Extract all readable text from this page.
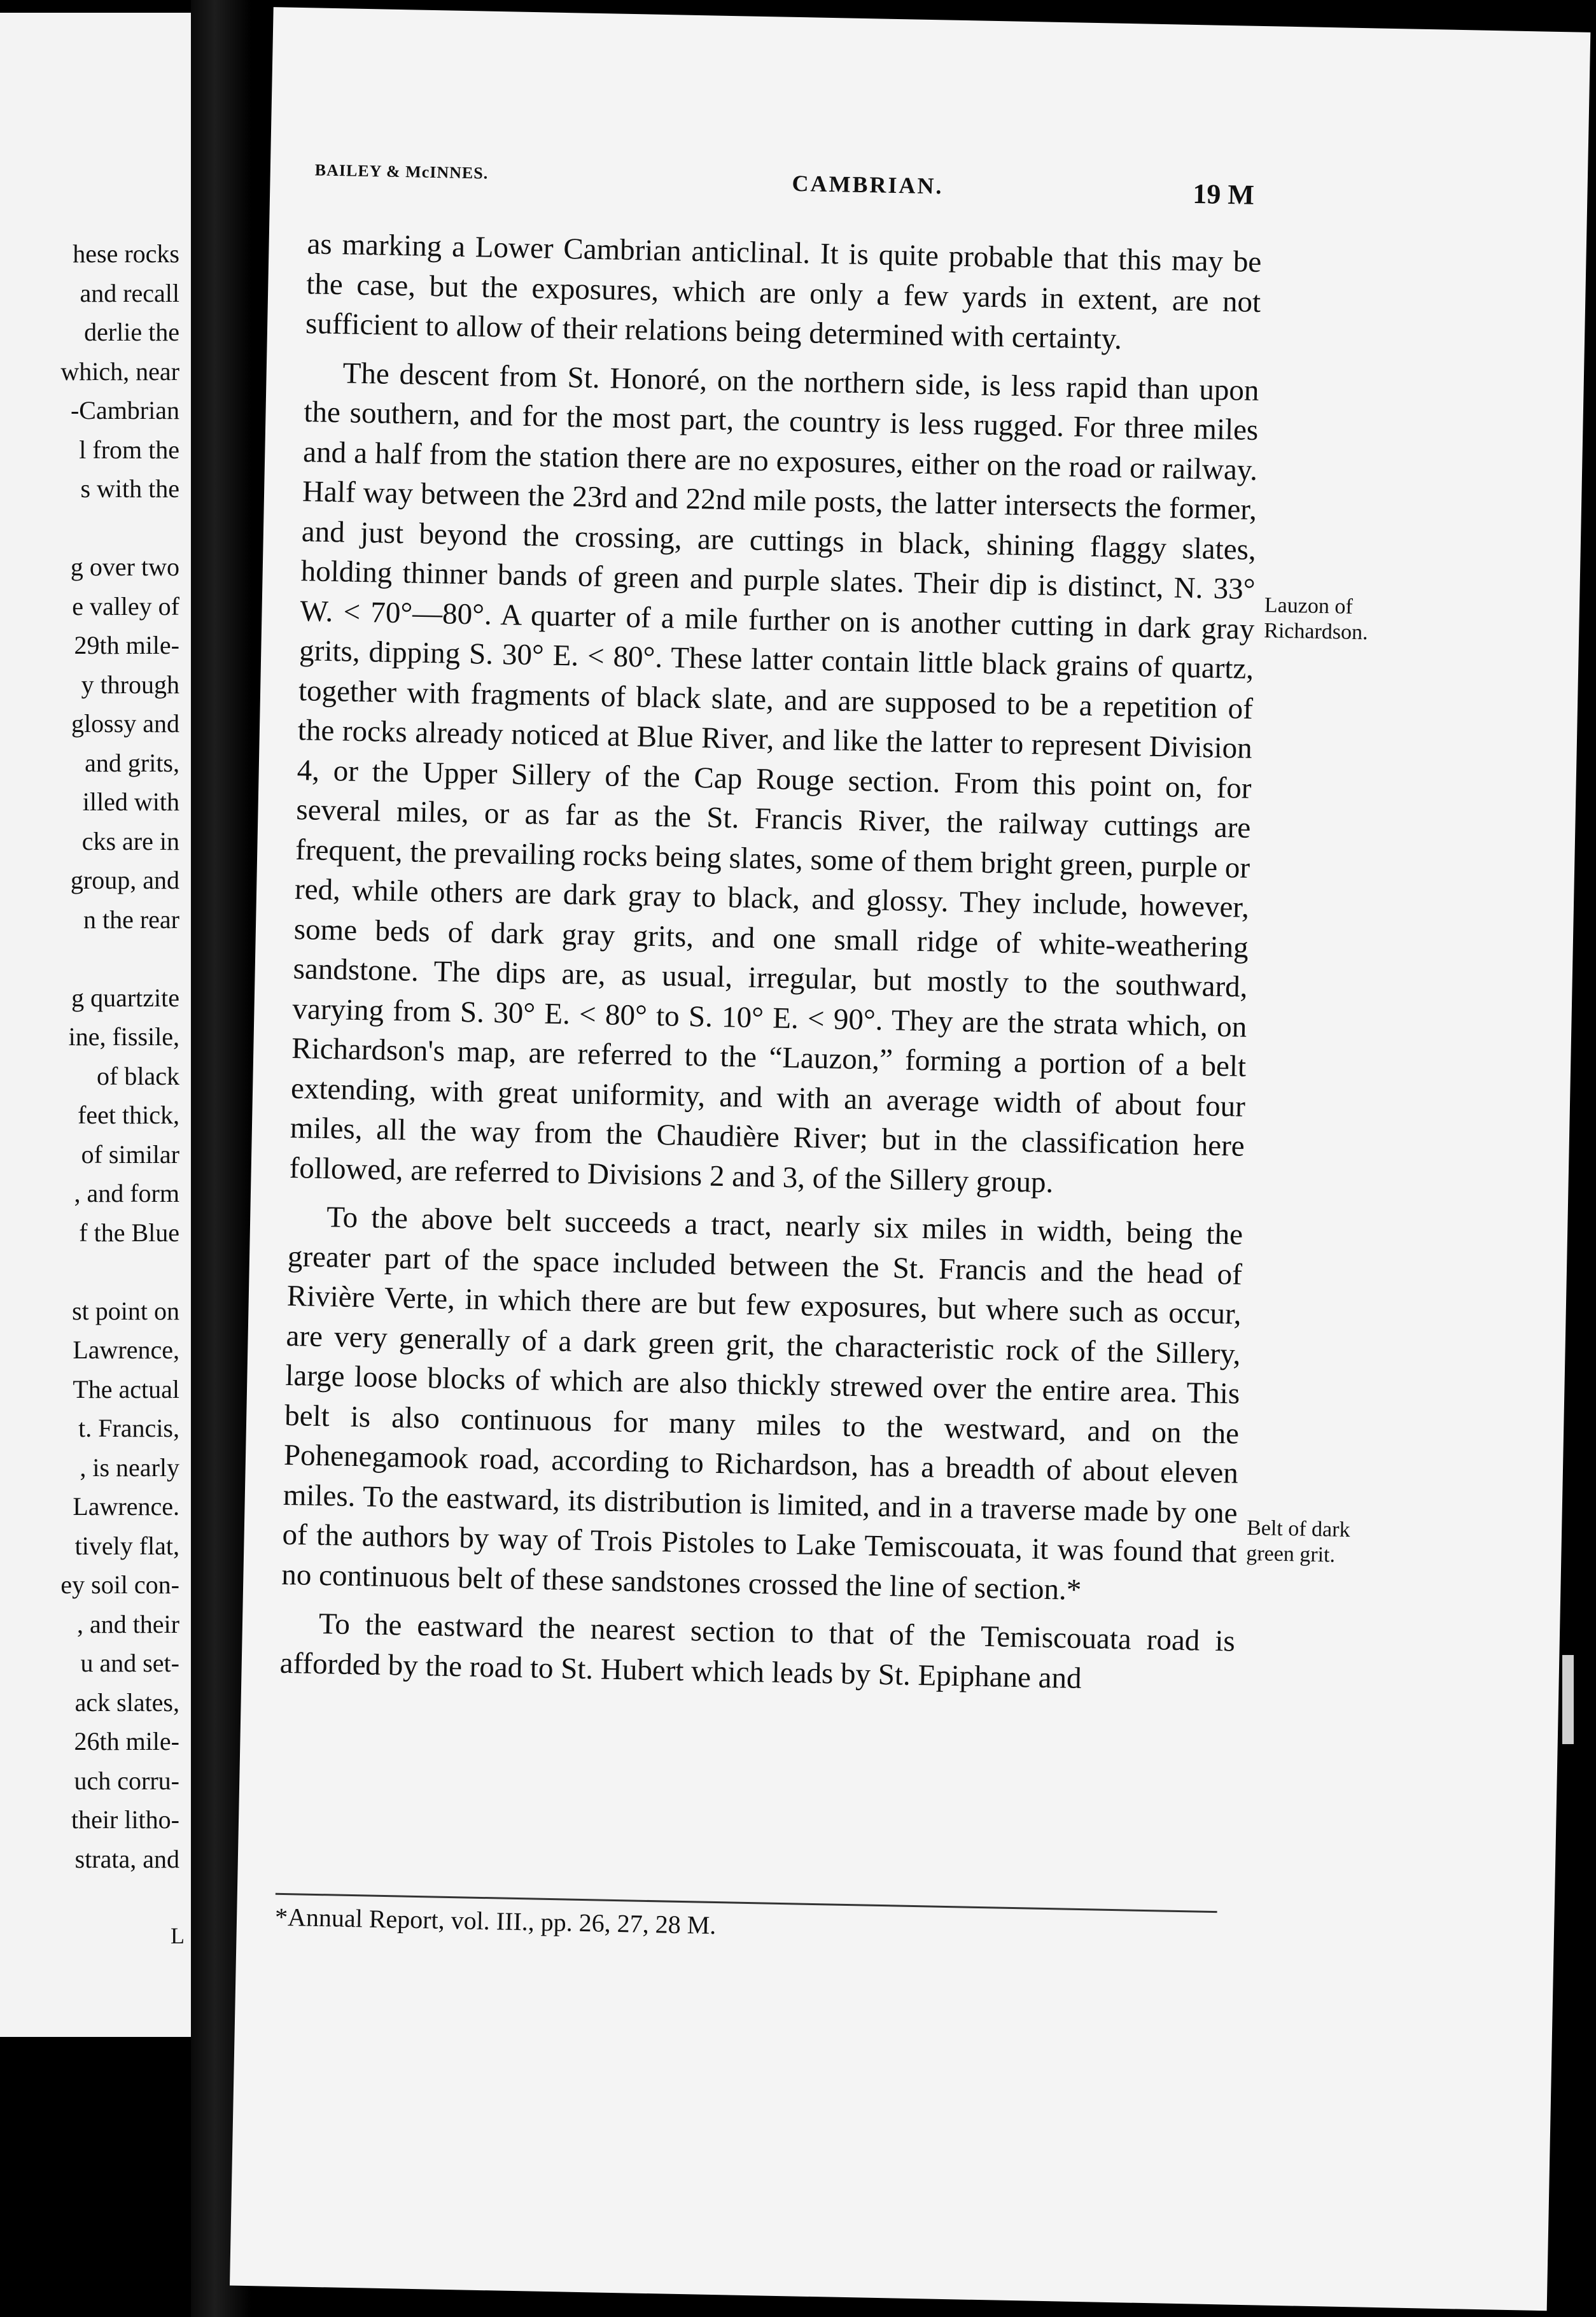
hese rocks
and recall
derlie the
which, near
-Cambrian
l from the
s with the
g over two
e valley of
29th mile-
y through
glossy and
and grits,
illed with
cks are in
group, and
n the rear
g quartzite
ine, fissile,
of black
feet thick,
of similar
, and form
f the Blue
st point on
Lawrence,
The actual
t. Francis,
, is nearly
Lawrence.
tively flat,
ey soil con-
, and their
u and set-
ack slates,
26th mile-
uch corru-
their litho-
strata, and
L
BAILEY & McINNES.	CAMBRIAN.	19 M

as marking a Lower Cambrian anticlinal. It is quite probable that this may be the case, but the exposures, which are only a few yards in extent, are not sufficient to allow of their relations being determined with certainty.

The descent from St. Honoré, on the northern side, is less rapid than upon the southern, and for the most part, the country is less rugged. For three miles and a half from the station there are no exposures, either on the road or railway. Half way between the 23rd and 22nd mile posts, the latter intersects the former, and just beyond the crossing, are cuttings in black, shining flaggy slates, holding thinner bands of green and purple slates. Their dip is distinct, N. 33° W. < 70°—80°. A quarter of a mile further on is another cutting in dark gray grits, dipping S. 30° E. < 80°. These latter contain little black grains of quartz, together with fragments of black slate, and are supposed to be a repetition of the rocks already noticed at Blue River, and like the latter to represent Division 4, or the Upper Sillery of the Cap Rouge section. From this point on, for several miles, or as far as the St. Francis River, the railway cuttings are frequent, the prevailing rocks being slates, some of them bright green, purple or red, while others are dark gray to black, and glossy. They include, however, some beds of dark gray grits, and one small ridge of white-weathering sandstone. The dips are, as usual, irregular, but mostly to the southward, varying from S. 30° E. < 80° to S. 10° E. < 90°. They are the strata which, on Richardson's map, are referred to the “Lauzon,” forming a portion of a belt extending, with great uniformity, and with an average width of about four miles, all the way from the Chaudière River; but in the classification here followed, are referred to Divisions 2 and 3, of the Sillery group.

To the above belt succeeds a tract, nearly six miles in width, being the greater part of the space included between the St. Francis and the head of Rivière Verte, in which there are but few exposures, but where such as occur, are very generally of a dark green grit, the characteristic rock of the Sillery, large loose blocks of which are also thickly strewed over the entire area. This belt is also continuous for many miles to the westward, and on the Pohenegamook road, according to Richardson, has a breadth of about eleven miles. To the eastward, its distribution is limited, and in a traverse made by one of the authors by way of Trois Pistoles to Lake Temiscouata, it was found that no continuous belt of these sandstones crossed the line of section.*

To the eastward the nearest section to that of the Temiscouata road is afforded by the road to St. Hubert which leads by St. Epiphane and

Lauzon of
Richardson.
Belt of dark
green grit.
*Annual Report, vol. III., pp. 26, 27, 28 M.
